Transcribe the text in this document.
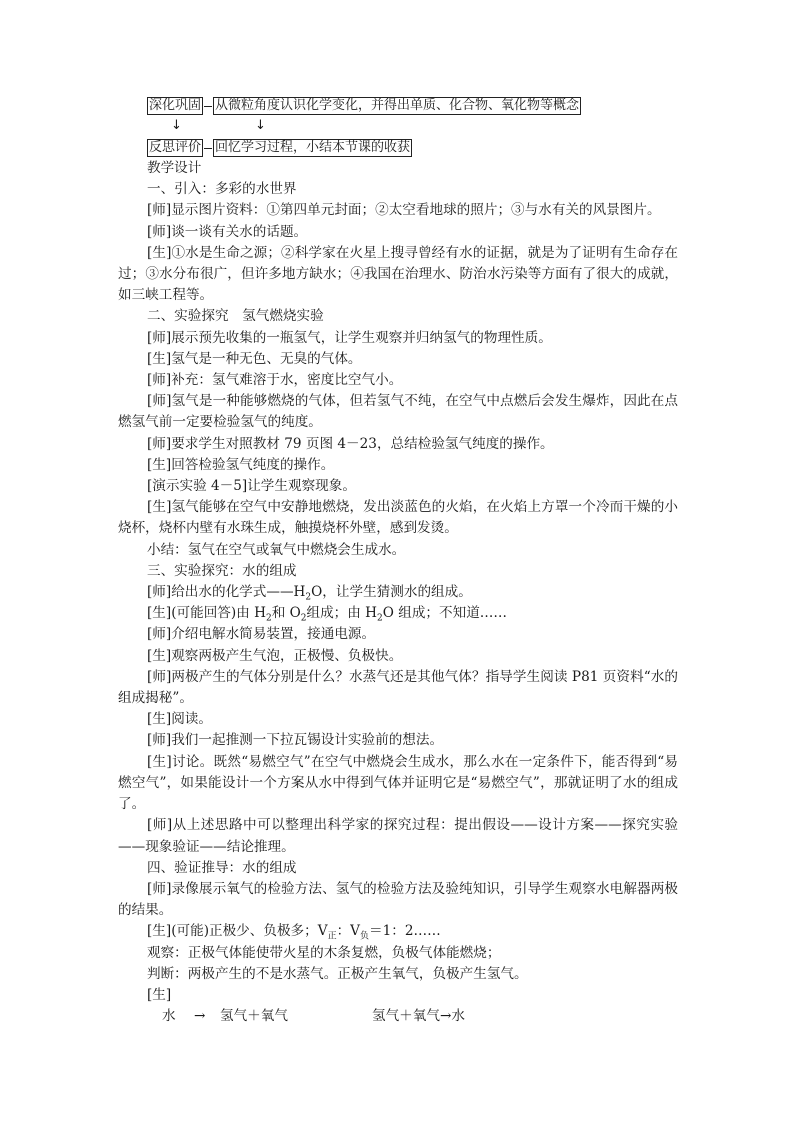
深化巩固 从微粒角度认识化学变化，并得出单质、化合物、氧化物等概念
↓	↓
反思评价 回忆学习过程，小结本节课的收获

教学设计

一、引入：多彩的水世界

[师]显示图片资料：①第四单元封面；②太空看地球的照片；③与水有关的风景图片。

[师]谈一谈有关水的话题。

[生]①水是生命之源；②科学家在火星上搜寻曾经有水的证据，就是为了证明有生命存在过；③水分布很广，但许多地方缺水；④我国在治理水、防治水污染等方面有了很大的成就，如三峡工程等。

二、实验探究　氢气燃烧实验

[师]展示预先收集的一瓶氢气，让学生观察并归纳氢气的物理性质。

[生]氢气是一种无色、无臭的气体。

[师]补充：氢气难溶于水，密度比空气小。

[师]氢气是一种能够燃烧的气体，但若氢气不纯，在空气中点燃后会发生爆炸，因此在点燃氢气前一定要检验氢气的纯度。

[师]要求学生对照教材 79 页图 4－23，总结检验氢气纯度的操作。

[生]回答检验氢气纯度的操作。

[演示实验 4－5]让学生观察现象。

[生]氢气能够在空气中安静地燃烧，发出淡蓝色的火焰，在火焰上方罩一个冷而干燥的小烧杯，烧杯内壁有水珠生成，触摸烧杯外壁，感到发烫。

小结：氢气在空气或氧气中燃烧会生成水。

三、实验探究：水的组成

[师]给出水的化学式$——H_2O$，让学生猜测水的组成。

[生](可能回答)由 $H_2$和 $O_2$组成；由 $H_2O$ 组成；不知道……

[师]介绍电解水简易装置，接通电源。

[生]观察两极产生气泡，正极慢、负极快。

[师]两极产生的气体分别是什么？水蒸气还是其他气体？指导学生阅读 P81 页资料“水的组成揭秘”。

[生]阅读。

[师]我们一起推测一下拉瓦锡设计实验前的想法。

[生]讨论。既然“易燃空气”在空气中燃烧会生成水，那么水在一定条件下，能否得到“易燃空气”，如果能设计一个方案从水中得到气体并证明它是“易燃空气”，那就证明了水的组成了。

[师]从上述思路中可以整理出科学家的探究过程：提出假设——设计方案——探究实验——现象验证——结论推理。

四、验证推导：水的组成

[师]录像展示氧气的检验方法、氢气的检验方法及验纯知识，引导学生观察水电解器两极的结果。

[生](可能)正极少、负极多；$V_正$：$V_负=1$：2……

观察：正极气体能使带火星的木条复燃，负极气体能燃烧；

判断：两极产生的不是水蒸气。正极产生氧气，负极产生氢气。

[生]

水 → 氢气＋氧气	氢气＋氧气→水
